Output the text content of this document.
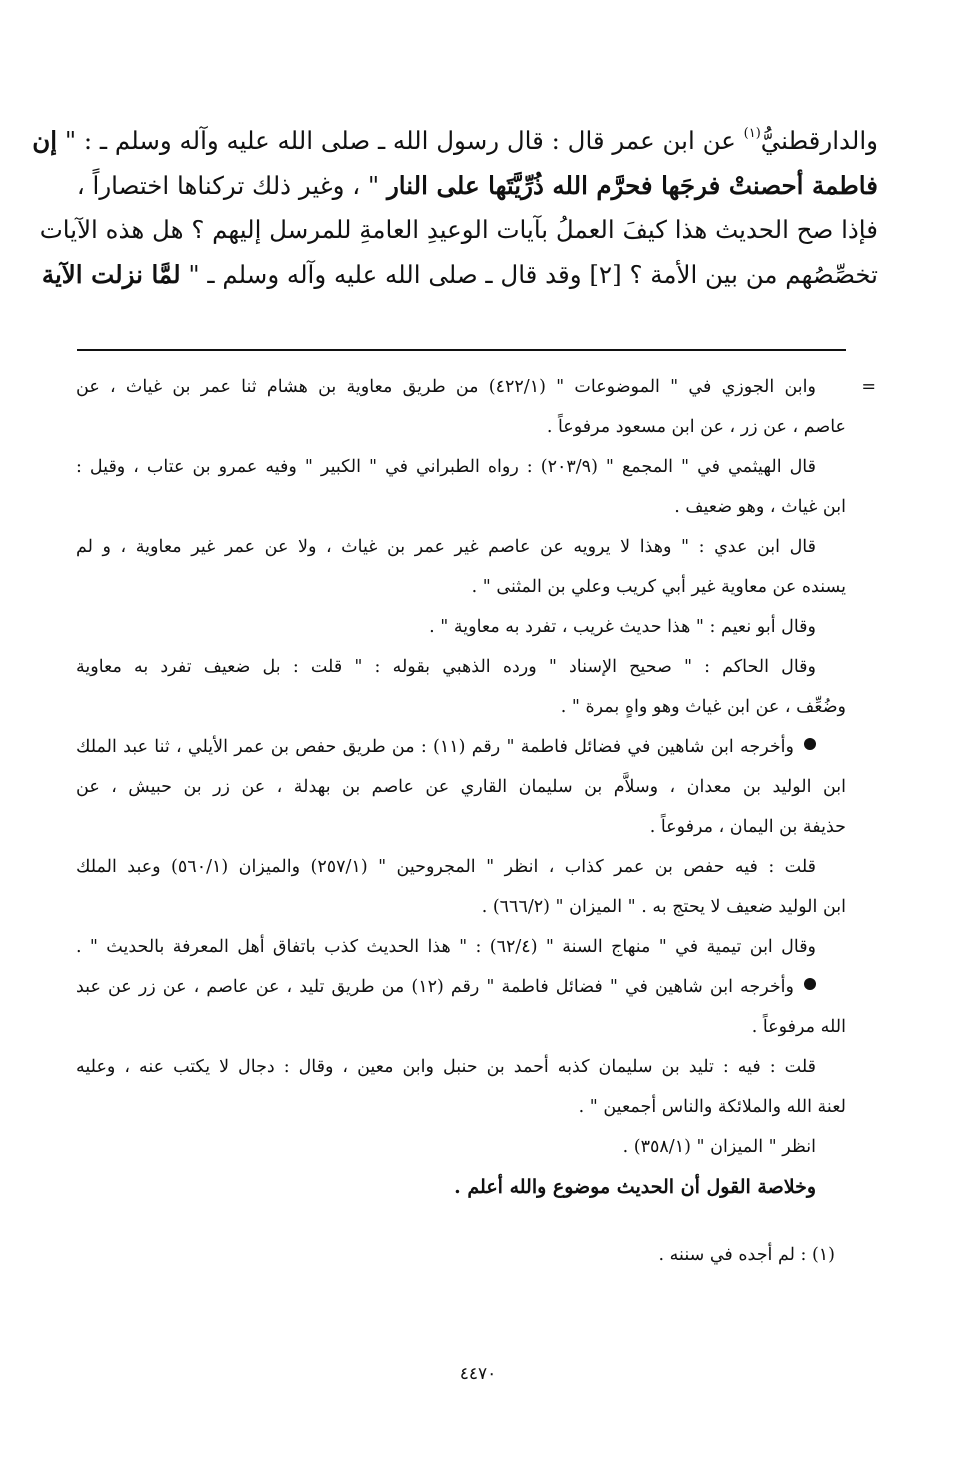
والدارقطنيُّ$^{(١)}$ عن ابن عمر قال : قال رسول الله ـ صلى الله عليه وآله وسلم ـ : " إن

فاطمة أحصنتْ فرجَها فحرَّم الله ذُرِّيَّتَها على النار " ، وغير ذلك تركناها اختصاراً ،

فإذا صح الحديث هذا كيفَ العملُ بآيات الوعيدِ العامةِ للمرسل إليهم ؟ هل هذه الآيات

تخصِّصُهم من بين الأمة ؟ [٢] وقد قال ـ صلى الله عليه وآله وسلم ـ " لمَّا نزلت الآية

=وابن الجوزي في " الموضوعات " (٤٢٢/١) من طريق معاوية بن هشام ثنا عمر بن غياث ، عن

عاصم ، عن زر ، عن ابن مسعود مرفوعاً .

قال الهيثمي في " المجمع " (٢٠٣/٩) : رواه الطبراني في " الكبير " وفيه عمرو بن عتاب ، وقيل :

ابن غياث ، وهو ضعيف .

قال ابن عدي : " وهذا لا يرويه عن عاصم غير عمر بن غياث ، ولا عن عمر غير معاوية ، و لم

يسنده عن معاوية غير أبي كريب وعلي بن المثنى " .

وقال أبو نعيم : " هذا حديث غريب ، تفرد به معاوية " .

وقال الحاكم : " صحيح الإسناد " ورده الذهبي بقوله : " قلت : بل ضعيف تفرد به معاوية

وضُعِّف ، عن ابن غياث وهو واهٍ بمرة " .

وأخرجه ابن شاهين في فضائل فاطمة " رقم (١١) : من طريق حفص بن عمر الأيلي ، ثنا عبد الملك

ابن الوليد بن معدان ، وسلاَّم بن سليمان القاري عن عاصم بن بهدلة ، عن زر بن حبيش ، عن

حذيفة بن اليمان ، مرفوعاً .

قلت : فيه حفص بن عمر كذاب ، انظر " المجروحين " (٢٥٧/١) والميزان (٥٦٠/١) وعبد الملك

ابن الوليد ضعيف لا يحتج به . " الميزان " (٦٦٦/٢) .

وقال ابن تيمية في " منهاج السنة " (٦٢/٤) : " هذا الحديث كذب باتفاق أهل المعرفة بالحديث " .

وأخرجه ابن شاهين في " فضائل فاطمة " رقم (١٢) من طريق تليد ، عن عاصم ، عن زر عن عبد

الله مرفوعاً .

قلت : فيه : تليد بن سليمان كذبه أحمد بن حنبل وابن معين ، وقال : دجال لا يكتب عنه ، وعليه

لعنة الله والملائكة والناس أجمعين " .

انظر " الميزان " (٣٥٨/١) .

وخلاصة القول أن الحديث موضوع والله أعلم .

(١) : لم أجده في سننه .

٤٤٧٠
